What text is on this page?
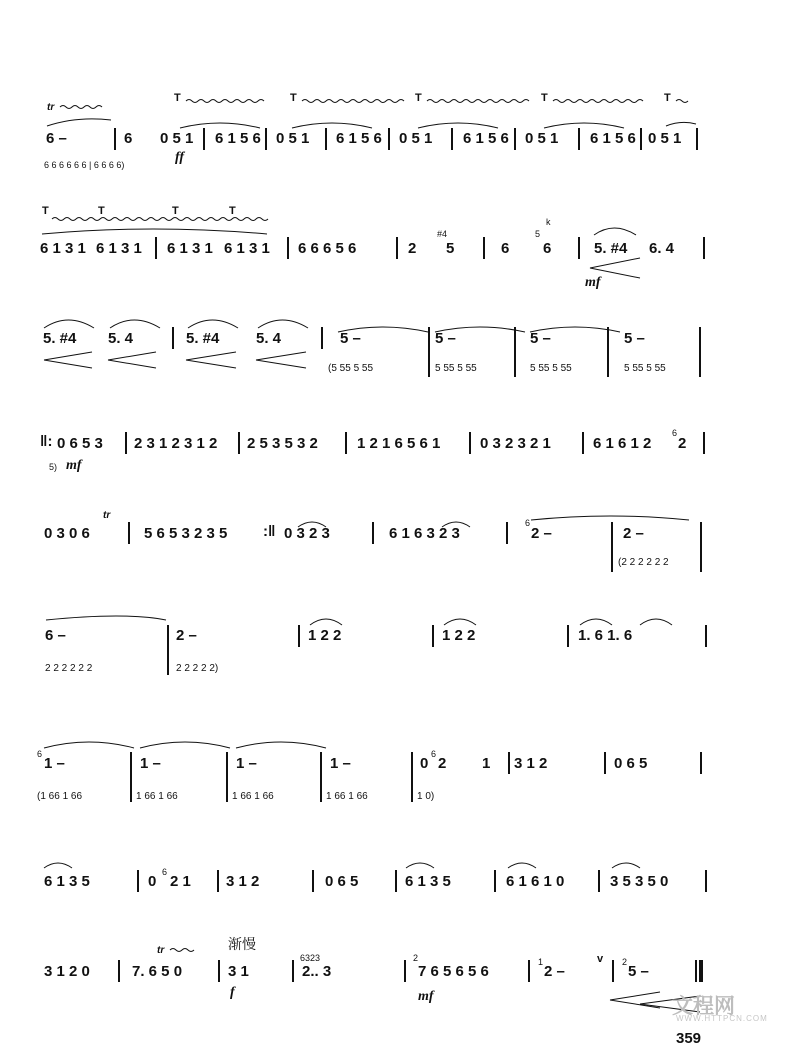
tr
T	T	T	T	T
6 –	6 0 5 1 6 1 5 6 0 5 1 6 1 5 6 0 5 1 6 1 5 6 0 5 1 6 1 5 6 0 5 1
6 6 6 6 6 6 | 6 6 6 6)	ff
T	T	T	T
6 1 3 1 6 1 3 1 6 1 3 1 6 1 3 1 6 6 6 5 6	2
#4
5	6
5
k
6	5. #4 6. 4
mf
5. #4 5. 4	5. #4 5. 4	5 –	5 –	5 –	5 –
(5 55 5 55	5 55 5 55	5 55 5 55	5 55 5 55
‖: 0 6 5 3 2 3 1 2 3 1 2 2 5 3 5 3 2	1 2 1 6 5 6 1	0 3 2 3 2 1	6 1 6 1 2
6
2
5) mf
tr
0 3 0 6	5 6 5 3 2 3 5 :‖ 0 3 2 3	6 1 6 3 2 3
6
2 –	2 –
(2 2 2 2 2 2
6 –	2 –	1 2 2	1 2 2	1. 6 1. 6
2 2 2 2 2 2	2 2 2 2 2)
6
1 –	1 –	1 –	1 –	0
6
2 1 3 1 2	0 6 5
(1 66 1 66	1 66 1 66	1 66 1 66	1 66 1 66	1 0)
6 1 3 5	0
6
2 1 3 1 2	0 6 5	6 1 3 5	6 1 6 1 0	3 5 3 5 0
渐慢
tr
3 1 2 0	7. 6 5 0	3 1
f
6323
2.. 3
2
7 6 5 6 5 6
mf
1
2 –
v 2
5 –
文程网
WWW.HTTPCN.COM
359
